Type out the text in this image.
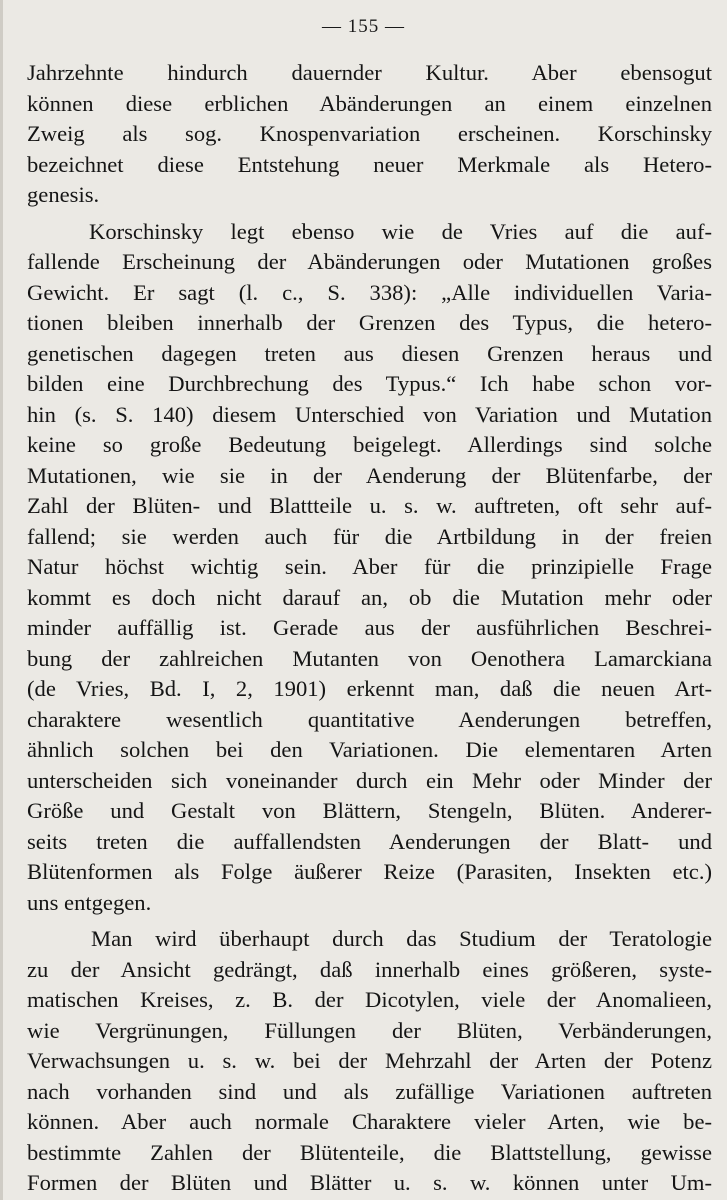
— 155 —
Jahrzehnte hindurch dauernder Kultur. Aber ebensogut
können diese erblichen Abänderungen an einem einzelnen
Zweig als sog. Knospenvariation erscheinen. Korschinsky
bezeichnet diese Entstehung neuer Merkmale als Hetero-
genesis.
Korschinsky legt ebenso wie de Vries auf die auf-
fallende Erscheinung der Abänderungen oder Mutationen großes
Gewicht. Er sagt (l. c., S. 338): „Alle individuellen Varia-
tionen bleiben innerhalb der Grenzen des Typus, die hetero-
genetischen dagegen treten aus diesen Grenzen heraus und
bilden eine Durchbrechung des Typus.“ Ich habe schon vor-
hin (s. S. 140) diesem Unterschied von Variation und Mutation
keine so große Bedeutung beigelegt. Allerdings sind solche
Mutationen, wie sie in der Aenderung der Blütenfarbe, der
Zahl der Blüten- und Blattteile u. s. w. auftreten, oft sehr auf-
fallend; sie werden auch für die Artbildung in der freien
Natur höchst wichtig sein. Aber für die prinzipielle Frage
kommt es doch nicht darauf an, ob die Mutation mehr oder
minder auffällig ist. Gerade aus der ausführlichen Beschrei-
bung der zahlreichen Mutanten von Oenothera Lamarckiana
(de Vries, Bd. I, 2, 1901) erkennt man, daß die neuen Art-
charaktere wesentlich quantitative Aenderungen betreffen,
ähnlich solchen bei den Variationen. Die elementaren Arten
unterscheiden sich voneinander durch ein Mehr oder Minder der
Größe und Gestalt von Blättern, Stengeln, Blüten. Anderer-
seits treten die auffallendsten Aenderungen der Blatt- und
Blütenformen als Folge äußerer Reize (Parasiten, Insekten etc.)
uns entgegen.
Man wird überhaupt durch das Studium der Teratologie
zu der Ansicht gedrängt, daß innerhalb eines größeren, syste-
matischen Kreises, z. B. der Dicotylen, viele der Anomalieen,
wie Vergrünungen, Füllungen der Blüten, Verbänderungen,
Verwachsungen u. s. w. bei der Mehrzahl der Arten der Potenz
nach vorhanden sind und als zufällige Variationen auftreten
können. Aber auch normale Charaktere vieler Arten, wie be-
bestimmte Zahlen der Blütenteile, die Blattstellung, gewisse
Formen der Blüten und Blätter u. s. w. können unter Um-
